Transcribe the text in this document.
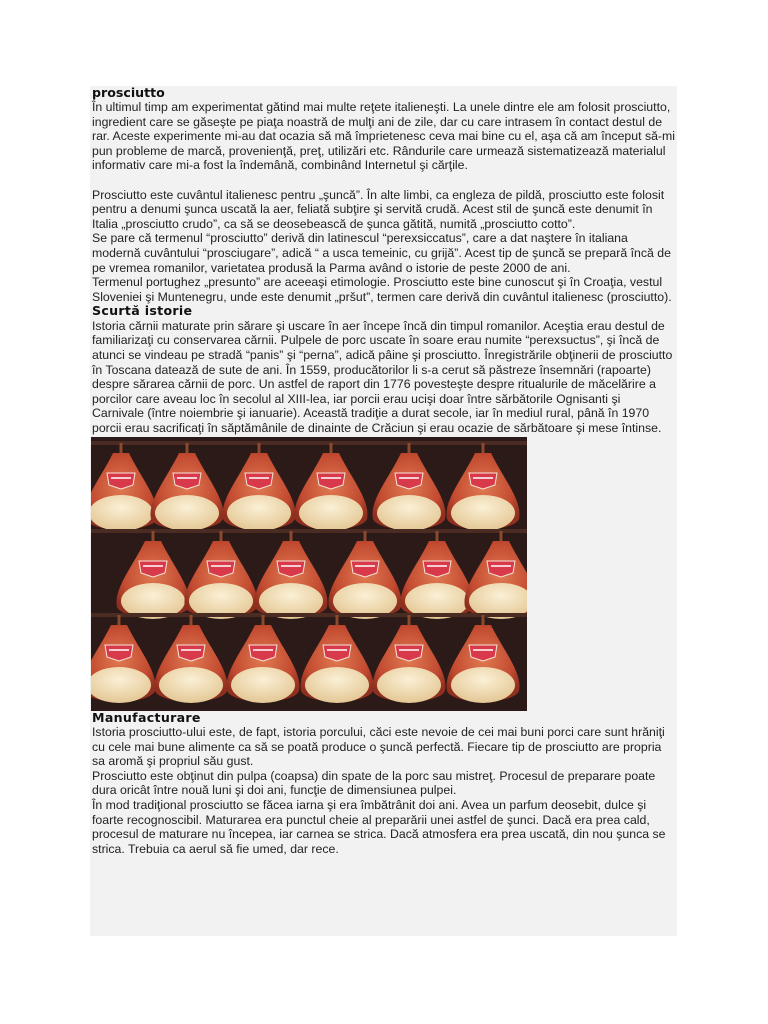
prosciutto

În ultimul timp am experimentat gătind mai multe reţete italieneşti. La unele dintre ele am folosit prosciutto, ingredient care se găseşte pe piaţa noastră de mulţi ani de zile, dar cu care intrasem în contact destul de rar. Aceste experimente mi-au dat ocazia să mă împrietenesc ceva mai bine cu el, aşa că am început să-mi pun probleme de marcă, provenienţă, preţ, utilizări etc. Rândurile care urmează sistematizează materialul informativ care mi-a fost la îndemână, combinând Internetul şi cărţile.

Prosciutto este cuvântul italienesc pentru „şuncă”. În alte limbi, ca engleza de pildă, prosciutto este folosit pentru a denumi şunca uscată la aer, feliată subţire şi servită crudă. Acest stil de şuncă este denumit în Italia „prosciutto crudo”, ca să se deosebească de şunca gătită, numită „prosciutto cotto”.

Se pare că termenul “prosciutto” derivă din latinescul “perexsiccatus”, care a dat naştere în italiana modernă cuvântului “prosciugare”, adică “ a usca temeinic, cu grijă”. Acest tip de şuncă se prepară încă de pe vremea romanilor, varietatea produsă la Parma având o istorie de peste 2000 de ani.

Termenul portughez „presunto” are aceeaşi etimologie. Prosciutto este bine cunoscut şi în Croaţia, vestul Sloveniei şi Muntenegru, unde este denumit „pršut”, termen care derivă din cuvântul italienesc (prosciutto).

Scurtă istorie

Istoria cărnii maturate prin sărare şi uscare în aer începe încă din timpul romanilor. Aceştia erau destul de familiarizaţi cu conservarea cărnii. Pulpele de porc uscate în soare erau numite “perexsuctus”, şi încă de atunci se vindeau pe stradă “panis” şi “perna”, adică pâine şi prosciutto. Înregistrările obţinerii de prosciutto în Toscana datează de sute de ani. În 1559, producătorilor li s-a cerut să păstreze însemnări (rapoarte) despre sărarea cărnii de porc. Un astfel de raport din 1776 povesteşte despre ritualurile de măcelărire a porcilor care aveau loc în secolul al XIII-lea, iar porcii erau ucişi doar între sărbătorile Ognisanti şi Carnivale (între noiembrie şi ianuarie). Această tradiţie a durat secole, iar în mediul rural, până în 1970 porcii erau sacrificaţi în săptămânile de dinainte de Crăciun şi erau ocazie de sărbătoare şi mese întinse.

Manufacturare

Istoria prosciutto-ului este, de fapt, istoria porcului, căci este nevoie de cei mai buni porci care sunt hrăniţi cu cele mai bune alimente ca să se poată produce o şuncă perfectă. Fiecare tip de prosciutto are propria sa aromă şi propriul său gust.

Prosciutto este obţinut din pulpa (coapsa) din spate de la porc sau mistreţ. Procesul de preparare poate dura oricât între nouă luni şi doi ani, funcţie de dimensiunea pulpei.

În mod tradiţional prosciutto se făcea iarna şi era îmbătrânit doi ani. Avea un parfum deosebit, dulce şi foarte recognoscibil. Maturarea era punctul cheie al preparării unei astfel de şunci. Dacă era prea cald, procesul de maturare nu începea, iar carnea se strica. Dacă atmosfera era prea uscată, din nou şunca se strica. Trebuia ca aerul să fie umed, dar rece.
